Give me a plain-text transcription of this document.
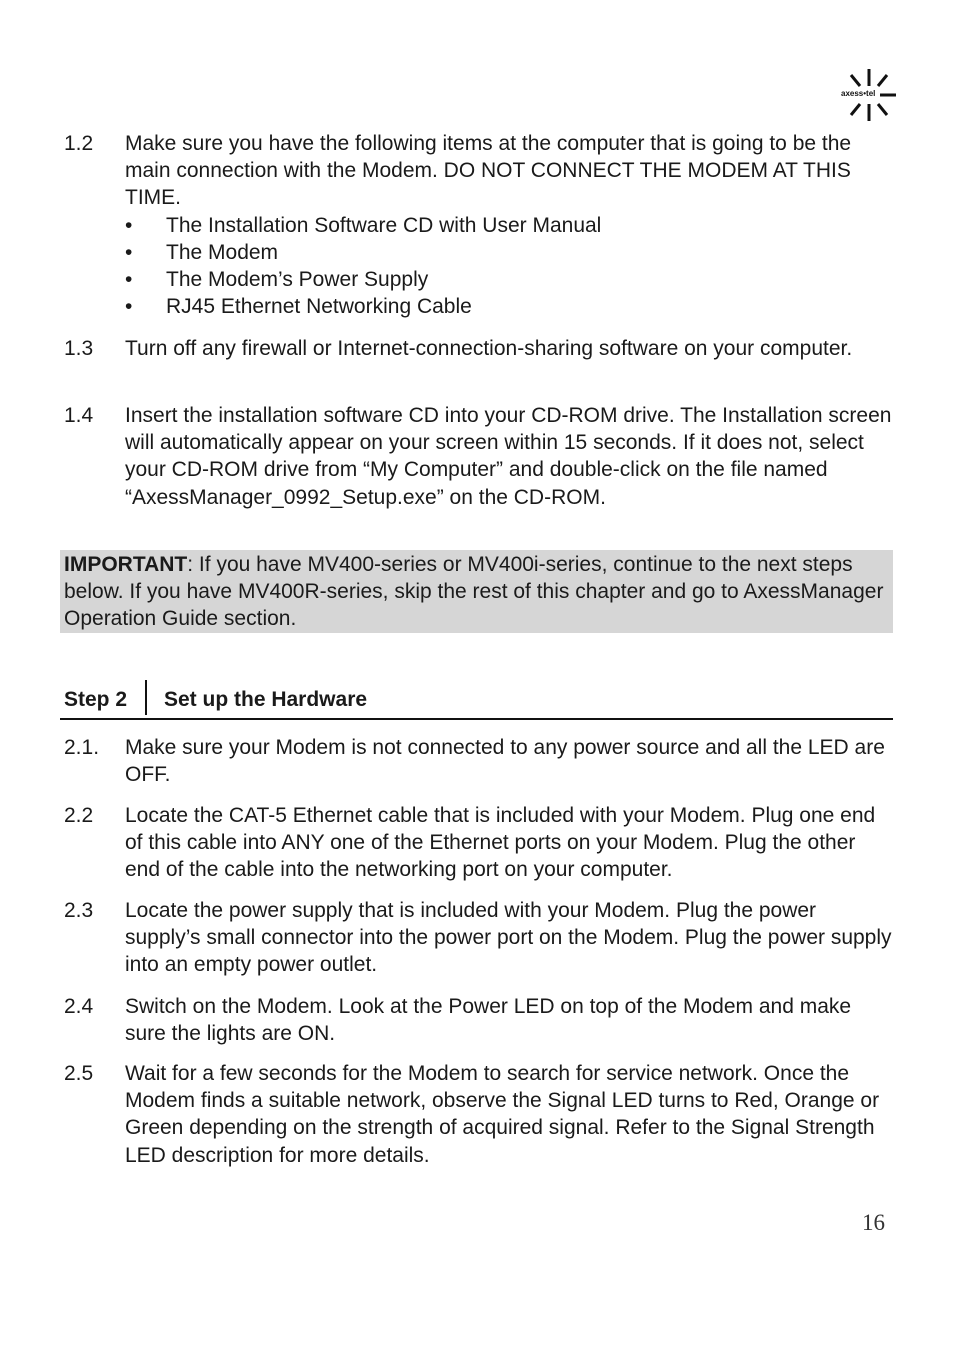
axess•tel
1.2	Make sure you have the following items at the computer that is going to be the main connection with the Modem. DO NOT CONNECT THE MODEM AT THIS TIME.
• The Installation Software CD with User Manual
• The Modem
• The Modem’s Power Supply
• RJ45 Ethernet Networking Cable
1.3	Turn off any firewall or Internet-connection-sharing software on your computer.
1.4	Insert the installation software CD into your CD-ROM drive. The Installation screen will automatically appear on your screen within 15 seconds. If it does not, select your CD-ROM drive from “My Computer” and double-click on the file named “AxessManager_0992_Setup.exe” on the CD-ROM.
IMPORTANT: If you have MV400-series or MV400i-series, continue to the next steps below. If you have MV400R-series, skip the rest of this chapter and go to AxessManager Operation Guide section.
Step 2 Set up the Hardware
2.1.	Make sure your Modem is not connected to any power source and all the LED are OFF.
2.2	Locate the CAT-5 Ethernet cable that is included with your Modem. Plug one end of this cable into ANY one of the Ethernet ports on your Modem. Plug the other end of the cable into the networking port on your computer.
2.3	Locate the power supply that is included with your Modem. Plug the power supply’s small connector into the power port on the Modem. Plug the power supply into an empty power outlet.
2.4	Switch on the Modem. Look at the Power LED on top of the Modem and make sure the lights are ON.
2.5	Wait for a few seconds for the Modem to search for service network. Once the Modem finds a suitable network, observe the Signal LED turns to Red, Orange or Green depending on the strength of acquired signal. Refer to the Signal Strength LED description for more details.
16
